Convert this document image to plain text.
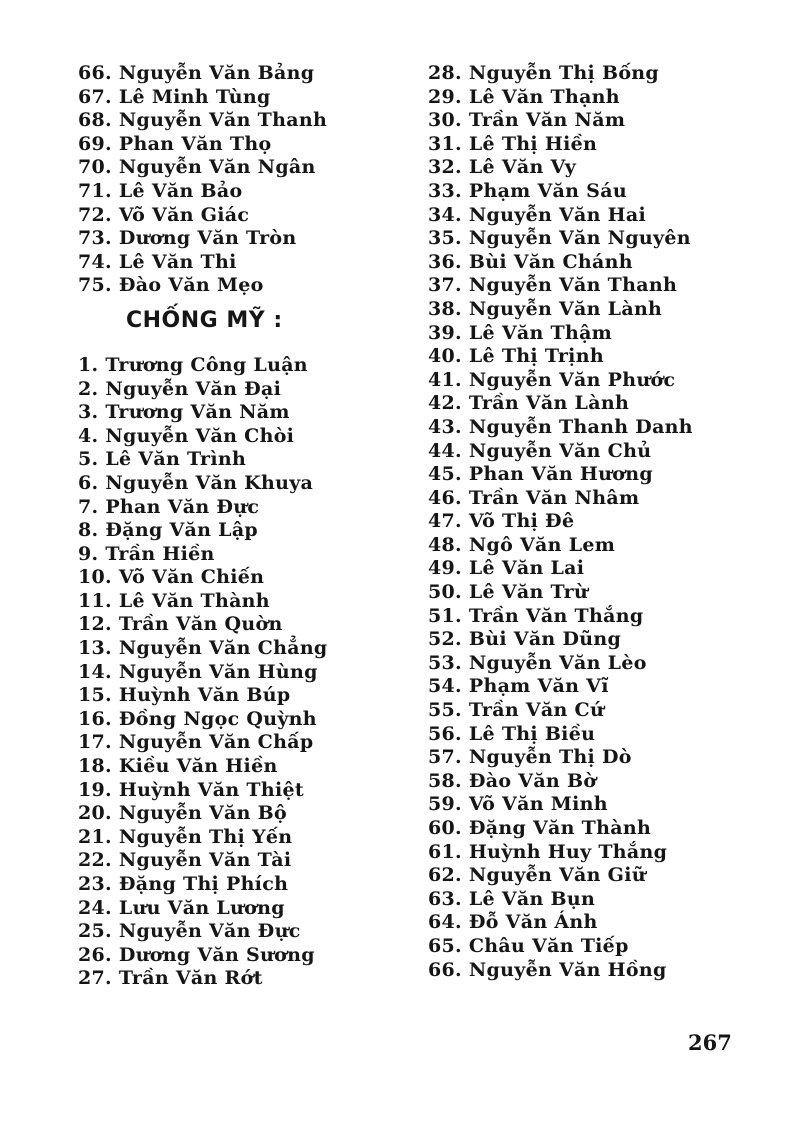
66. Nguyễn Văn Bảng
67. Lê Minh Tùng
68. Nguyễn Văn Thanh
69. Phan Văn Thọ
70. Nguyễn Văn Ngân
71. Lê Văn Bảo
72. Võ Văn Giác
73. Dương Văn Tròn
74. Lê Văn Thi
75. Đào Văn Mẹo
CHỐNG MỸ :
1. Trương Công Luận
2. Nguyễn Văn Đại
3. Trương Văn Năm
4. Nguyễn Văn Chòi
5. Lê Văn Trình
6. Nguyễn Văn Khuya
7. Phan Văn Đực
8. Đặng Văn Lập
9. Trần Hiền
10. Võ Văn Chiến
11. Lê Văn Thành
12. Trần Văn Quờn
13. Nguyễn Văn Chẳng
14. Nguyễn Văn Hùng
15. Huỳnh Văn Búp
16. Đồng Ngọc Quỳnh
17. Nguyễn Văn Chấp
18. Kiều Văn Hiền
19. Huỳnh Văn Thiệt
20. Nguyễn Văn Bộ
21. Nguyễn Thị Yến
22. Nguyễn Văn Tài
23. Đặng Thị Phích
24. Lưu Văn Lương
25. Nguyễn Văn Đực
26. Dương Văn Sương
27. Trần Văn Rớt
28. Nguyễn Thị Bống
29. Lê Văn Thạnh
30. Trần Văn Năm
31. Lê Thị Hiền
32. Lê Văn Vy
33. Phạm Văn Sáu
34. Nguyễn Văn Hai
35. Nguyễn Văn Nguyên
36. Bùi Văn Chánh
37. Nguyễn Văn Thanh
38. Nguyễn Văn Lành
39. Lê Văn Thậm
40. Lê Thị Trịnh
41. Nguyễn Văn Phước
42. Trần Văn Lành
43. Nguyễn Thanh Danh
44. Nguyễn Văn Chủ
45. Phan Văn Hương
46. Trần Văn Nhâm
47. Võ Thị Đê
48. Ngô Văn Lem
49. Lê Văn Lai
50. Lê Văn Trừ
51. Trần Văn Thắng
52. Bùi Văn Dũng
53. Nguyễn Văn Lèo
54. Phạm Văn Vĩ
55. Trần Văn Cứ
56. Lê Thị Biều
57. Nguyễn Thị Dò
58. Đào Văn Bờ
59. Võ Văn Minh
60. Đặng Văn Thành
61. Huỳnh Huy Thắng
62. Nguyễn Văn Giữ
63. Lê Văn Bụn
64. Đỗ Văn Ánh
65. Châu Văn Tiếp
66. Nguyễn Văn Hồng
267
